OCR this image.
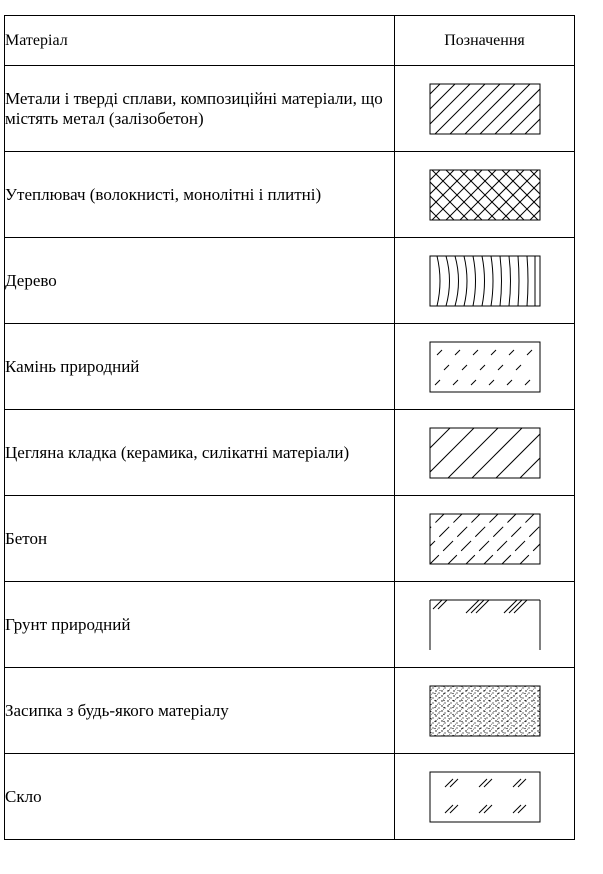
Матеріал	Позначення
Метали і тверді сплави, композиційні матеріали, що містять метал (залізобетон)	

Утеплювач (волокнисті, монолітні і плитні)	

Дерево	

Камінь природний	

Цегляна кладка (керамика, силікатні матеріали)	

Бетон	

Грунт природний	

Засипка з будь-якого матеріалу	

Скло	
